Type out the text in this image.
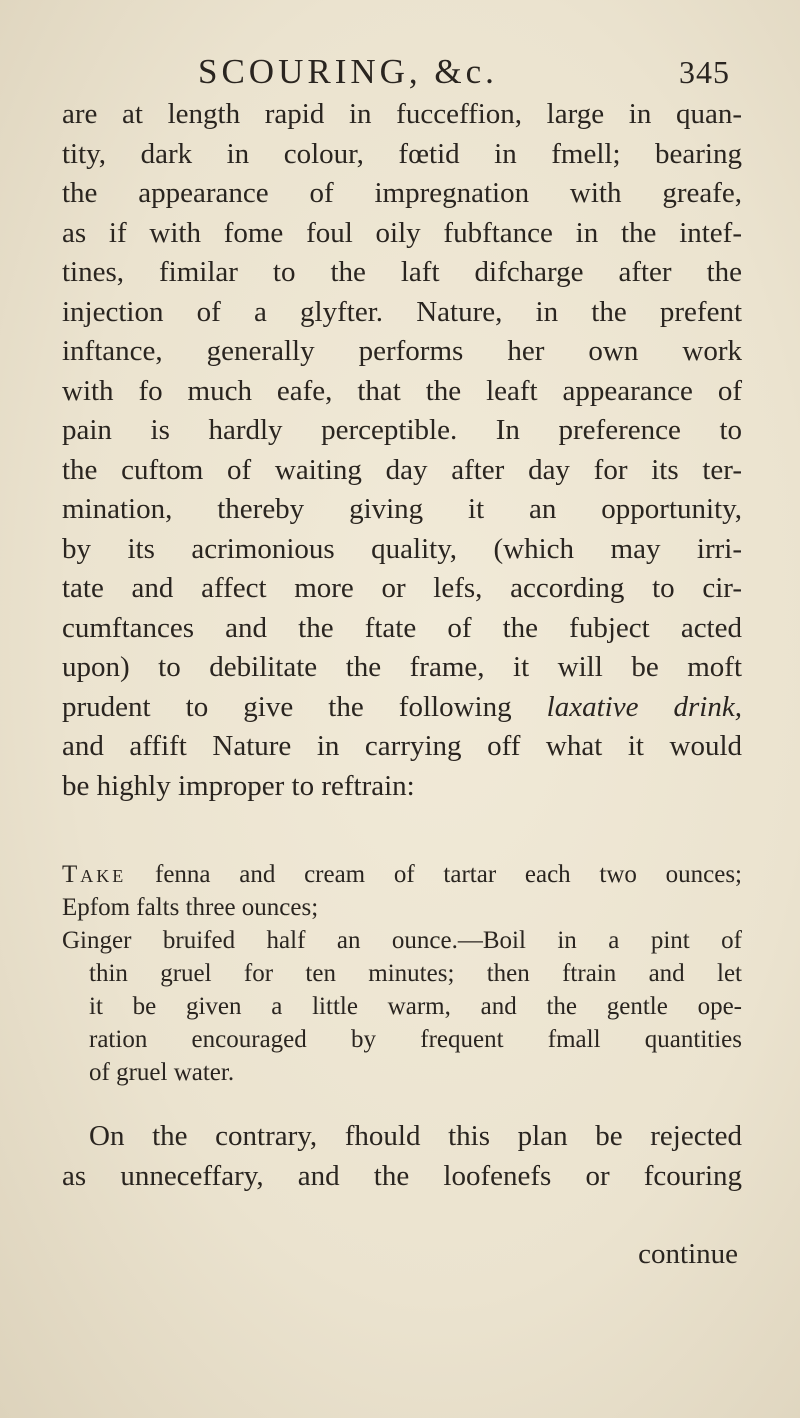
SCOURING, &c.	345
are at length rapid in fucceffion, large in quan-
tity, dark in colour, fœtid in fmell; bearing
the appearance of impregnation with greafe,
as if with fome foul oily fubftance in the intef-
tines, fimilar to the laft difcharge after the
injection of a glyfter. Nature, in the prefent
inftance, generally performs her own work
with fo much eafe, that the leaft appearance of
pain is hardly perceptible. In preference to
the cuftom of waiting day after day for its ter-
mination, thereby giving it an opportunity,
by its acrimonious quality, (which may irri-
tate and affect more or lefs, according to cir-
cumftances and the ftate of the fubject acted
upon) to debilitate the frame, it will be moft
prudent to give the following laxative drink,
and affift Nature in carrying off what it would
be highly improper to reftrain:
Take fenna and cream of tartar each two ounces;
Epfom falts three ounces;
Ginger bruifed half an ounce.—Boil in a pint of
thin gruel for ten minutes; then ftrain and let
it be given a little warm, and the gentle ope-
ration encouraged by frequent fmall quantities
of gruel water.
On the contrary, fhould this plan be rejected
as unneceffary, and the loofenefs or fcouring
continue
